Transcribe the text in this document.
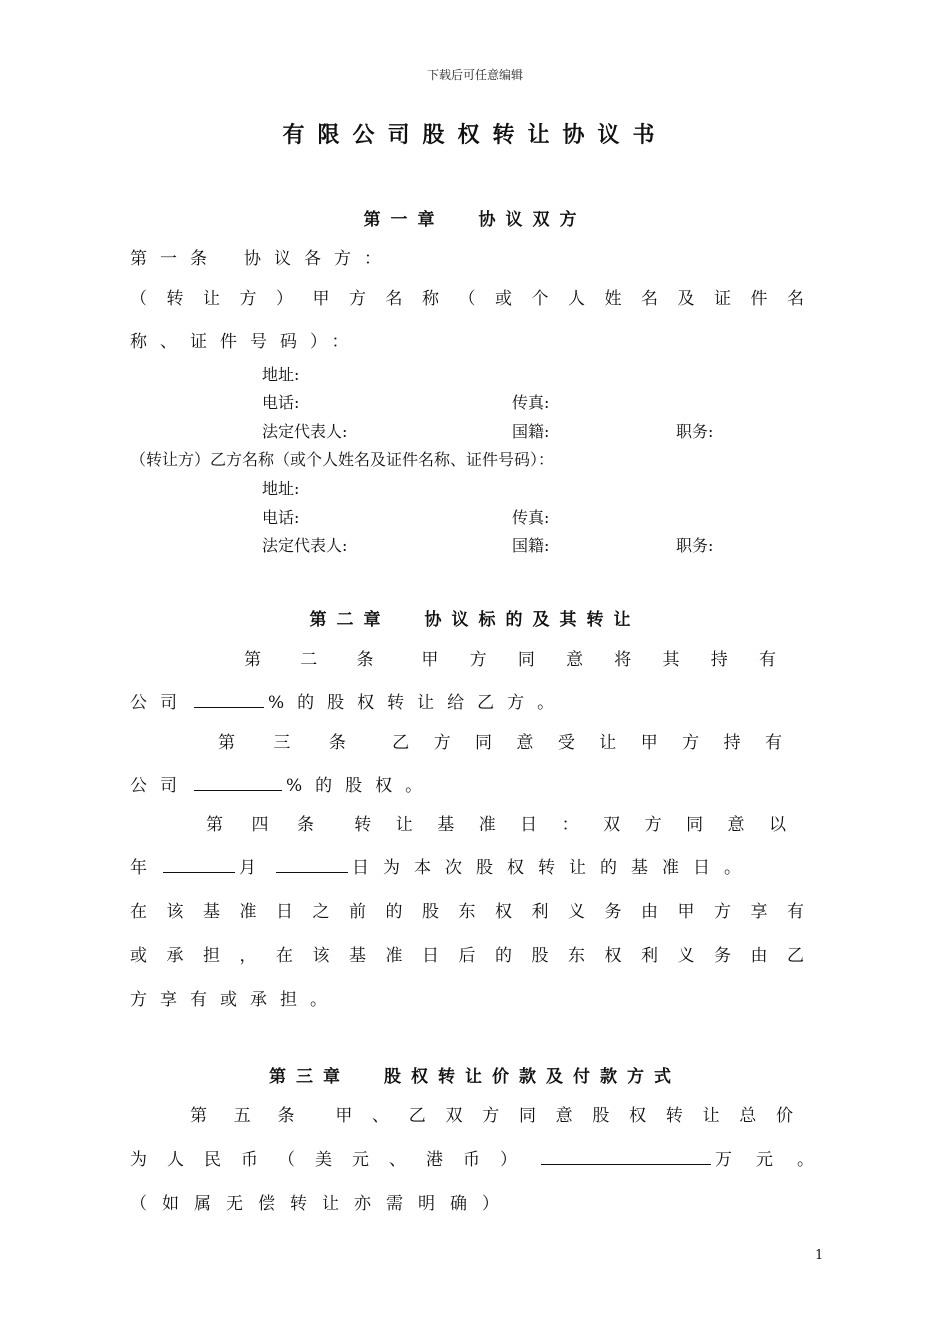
下载后可任意编辑
有限公司股权转让协议书
第一章 协议双方
第一条 协议各方：
（转让方）甲方名称（或个人姓名及证件名
称、证件号码）：
地址:
电话:	传真:
法定代表人:	国籍:	职务:
（转让方）乙方名称（或个人姓名及证件名称、证件号码）：
地址:
电话:	传真:
法定代表人:	国籍:	职务:
第二章 协议标的及其转让
第二条 甲方同意将其持有
公司	%的股权转让给乙方。
第三条 乙方同意受让甲方持有
公司	%的股权。
第四条 转让基准日：双方同意以
年	月	日为本次股权转让的基准日。
在该基准日之前的股东权利义务由甲方享有
或承担，在该基准日后的股东权利义务由乙
方享有或承担。
第三章 股权转让价款及付款方式
第五条 甲、乙双方同意股权转让总价
为人民币（美元、港币）	万元。
（如属无偿转让亦需明确）
1
